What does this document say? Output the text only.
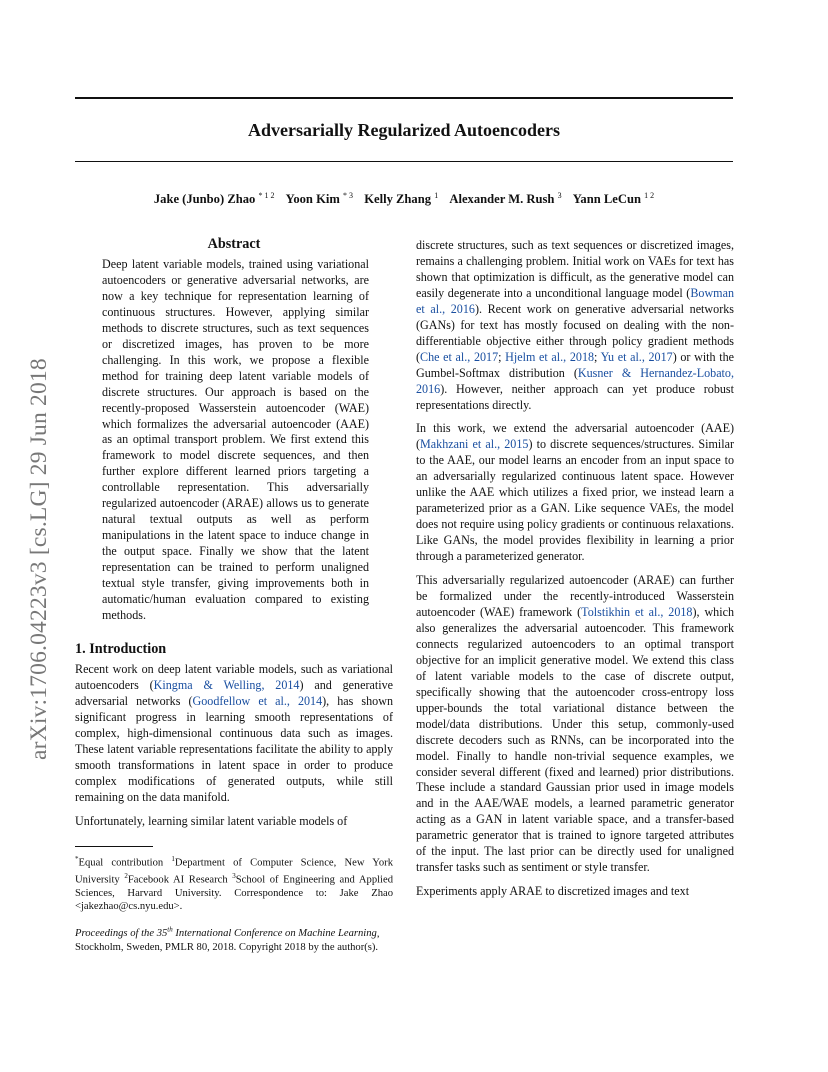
Adversarially Regularized Autoencoders
Jake (Junbo) Zhao $^{* 1 2}$ Yoon Kim $^{* 3}$ Kelly Zhang $^1$ Alexander M. Rush $^3$ Yann LeCun $^{1 2}$
arXiv:1706.04223v3 [cs.LG] 29 Jun 2018
Abstract

Deep latent variable models, trained using variational autoencoders or generative adversarial networks, are now a key technique for representation learning of continuous structures. However, applying similar methods to discrete structures, such as text sequences or discretized images, has proven to be more challenging. In this work, we propose a flexible method for training deep latent variable models of discrete structures. Our approach is based on the recently-proposed Wasserstein autoencoder (WAE) which formalizes the adversarial autoencoder (AAE) as an optimal transport problem. We first extend this framework to model discrete sequences, and then further explore different learned priors targeting a controllable representation. This adversarially regularized autoencoder (ARAE) allows us to generate natural textual outputs as well as perform manipulations in the latent space to induce change in the output space. Finally we show that the latent representation can be trained to perform unaligned textual style transfer, giving improvements both in automatic/human evaluation compared to existing methods.

1. Introduction

Recent work on deep latent variable models, such as variational autoencoders (Kingma & Welling, 2014) and generative adversarial networks (Goodfellow et al., 2014), has shown significant progress in learning smooth representations of complex, high-dimensional continuous data such as images. These latent variable representations facilitate the ability to apply smooth transformations in latent space in order to produce complex modifications of generated outputs, while still remaining on the data manifold.

Unfortunately, learning similar latent variable models of

*Equal contribution $^1$Department of Computer Science, New York University $^2$Facebook AI Research $^3$School of Engineering and Applied Sciences, Harvard University. Correspondence to: Jake Zhao <jakezhao@cs.nyu.edu>.

Proceedings of the 35th International Conference on Machine Learning, Stockholm, Sweden, PMLR 80, 2018. Copyright 2018 by the author(s).

discrete structures, such as text sequences or discretized images, remains a challenging problem. Initial work on VAEs for text has shown that optimization is difficult, as the generative model can easily degenerate into a unconditional language model (Bowman et al., 2016). Recent work on generative adversarial networks (GANs) for text has mostly focused on dealing with the non-differentiable objective either through policy gradient methods (Che et al., 2017; Hjelm et al., 2018; Yu et al., 2017) or with the Gumbel-Softmax distribution (Kusner & Hernandez-Lobato, 2016). However, neither approach can yet produce robust representations directly.

In this work, we extend the adversarial autoencoder (AAE) (Makhzani et al., 2015) to discrete sequences/structures. Similar to the AAE, our model learns an encoder from an input space to an adversarially regularized continuous latent space. However unlike the AAE which utilizes a fixed prior, we instead learn a parameterized prior as a GAN. Like sequence VAEs, the model does not require using policy gradients or continuous relaxations. Like GANs, the model provides flexibility in learning a prior through a parameterized generator.

This adversarially regularized autoencoder (ARAE) can further be formalized under the recently-introduced Wasserstein autoencoder (WAE) framework (Tolstikhin et al., 2018), which also generalizes the adversarial autoencoder. This framework connects regularized autoencoders to an optimal transport objective for an implicit generative model. We extend this class of latent variable models to the case of discrete output, specifically showing that the autoencoder cross-entropy loss upper-bounds the total variational distance between the model/data distributions. Under this setup, commonly-used discrete decoders such as RNNs, can be incorporated into the model. Finally to handle non-trivial sequence examples, we consider several different (fixed and learned) prior distributions. These include a standard Gaussian prior used in image models and in the AAE/WAE models, a learned parametric generator acting as a GAN in latent variable space, and a transfer-based parametric generator that is trained to ignore targeted attributes of the input. The last prior can be directly used for unaligned transfer tasks such as sentiment or style transfer.

Experiments apply ARAE to discretized images and text
